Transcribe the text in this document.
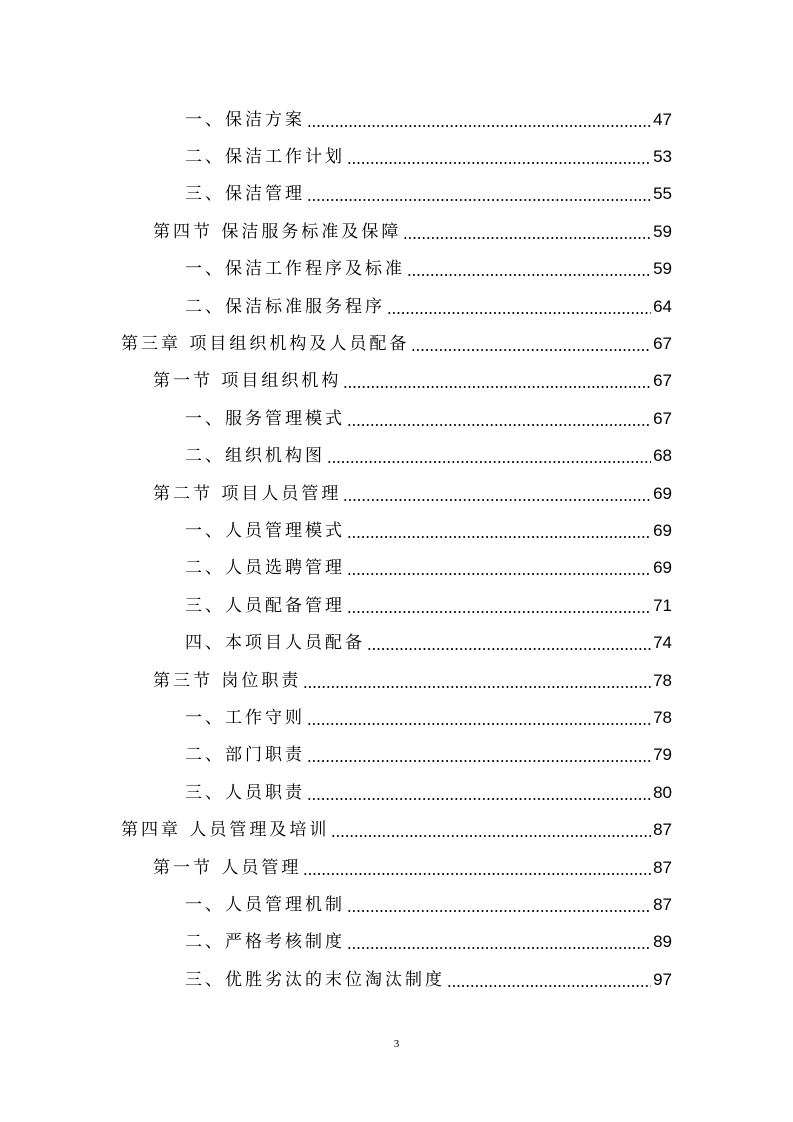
一、保洁方案	47
二、保洁工作计划	53
三、保洁管理	55
第四节 保洁服务标准及保障	59
一、保洁工作程序及标准	59
二、保洁标准服务程序	64
第三章 项目组织机构及人员配备	67
第一节 项目组织机构	67
一、服务管理模式	67
二、组织机构图	68
第二节 项目人员管理	69
一、人员管理模式	69
二、人员选聘管理	69
三、人员配备管理	71
四、本项目人员配备	74
第三节 岗位职责	78
一、工作守则	78
二、部门职责	79
三、人员职责	80
第四章 人员管理及培训	87
第一节 人员管理	87
一、人员管理机制	87
二、严格考核制度	89
三、优胜劣汰的末位淘汰制度	97
3
